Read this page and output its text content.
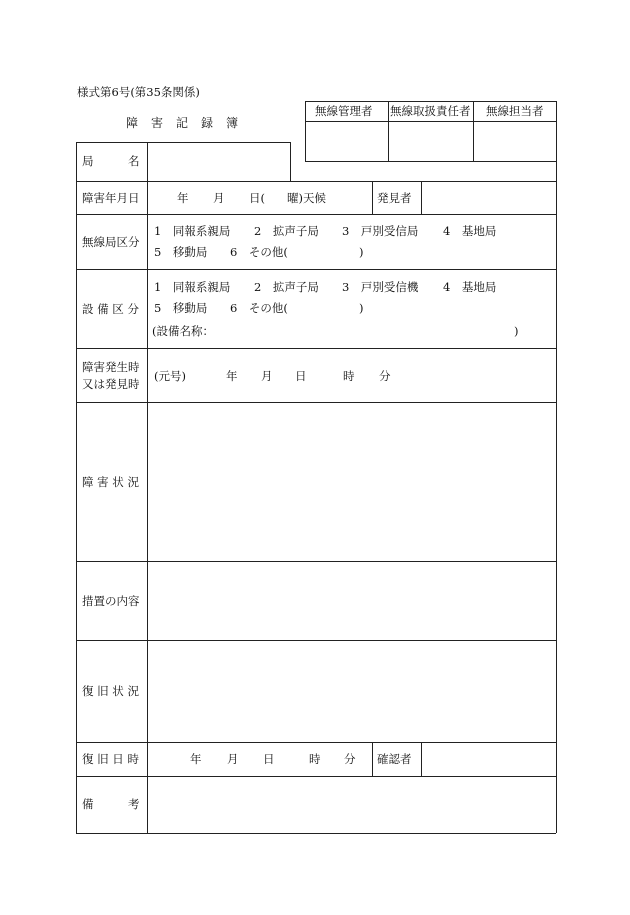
様式第6号(第35条関係)
障　害　記　録　簿
無線管理者 無線取扱責任者 無線担当者
局　　　名
障害年月日	年 月 日( 曜)天候	発見者
無線局区分
1　同報系親局 2　拡声子局 3　戸別受信局 4　基地局
5　移動局 6　その他(	)
設 備 区 分
1　同報系親局 2　拡声子局 3　戸別受信機 4　基地局
5　移動局 6　その他(	)
(設備名称：	)
障害発生時
又は発見時
(元号)	年 月 日	時 分
障 害 状 況
措置の内容
復 旧 状 況
復 旧 日 時	年 月 日	時 分 確認者
備　　　考
